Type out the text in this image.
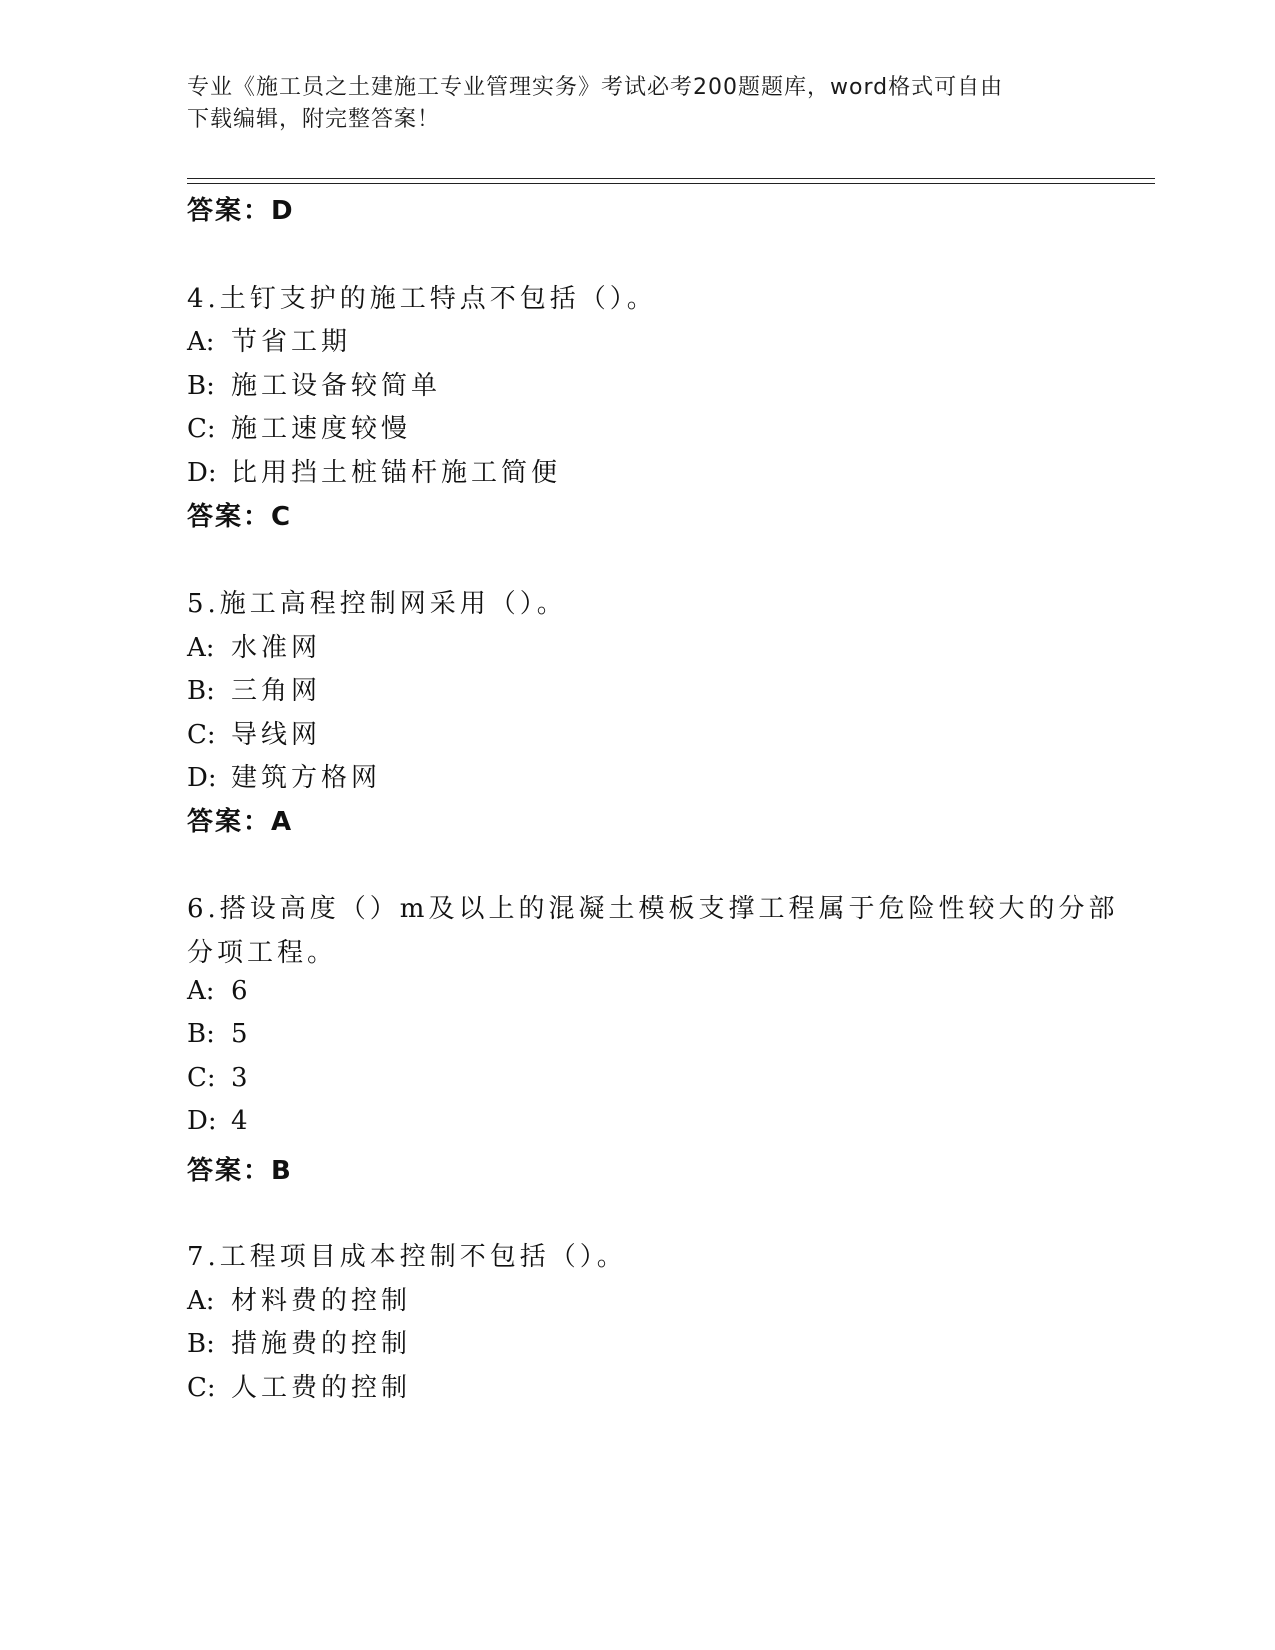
专业《施工员之土建施工专业管理实务》考试必考200题题库，word格式可自由
下载编辑，附完整答案！
答案：D
4.土钉支护的施工特点不包括（）。
A: 节省工期
B: 施工设备较简单
C: 施工速度较慢
D: 比用挡土桩锚杆施工简便
答案：C
5.施工高程控制网采用（）。
A: 水准网
B: 三角网
C: 导线网
D: 建筑方格网
答案：A
6.搭设高度（）m及以上的混凝土模板支撑工程属于危险性较大的分部
分项工程。
A: 6
B: 5
C: 3
D: 4
答案：B
7.工程项目成本控制不包括（）。
A: 材料费的控制
B: 措施费的控制
C: 人工费的控制
